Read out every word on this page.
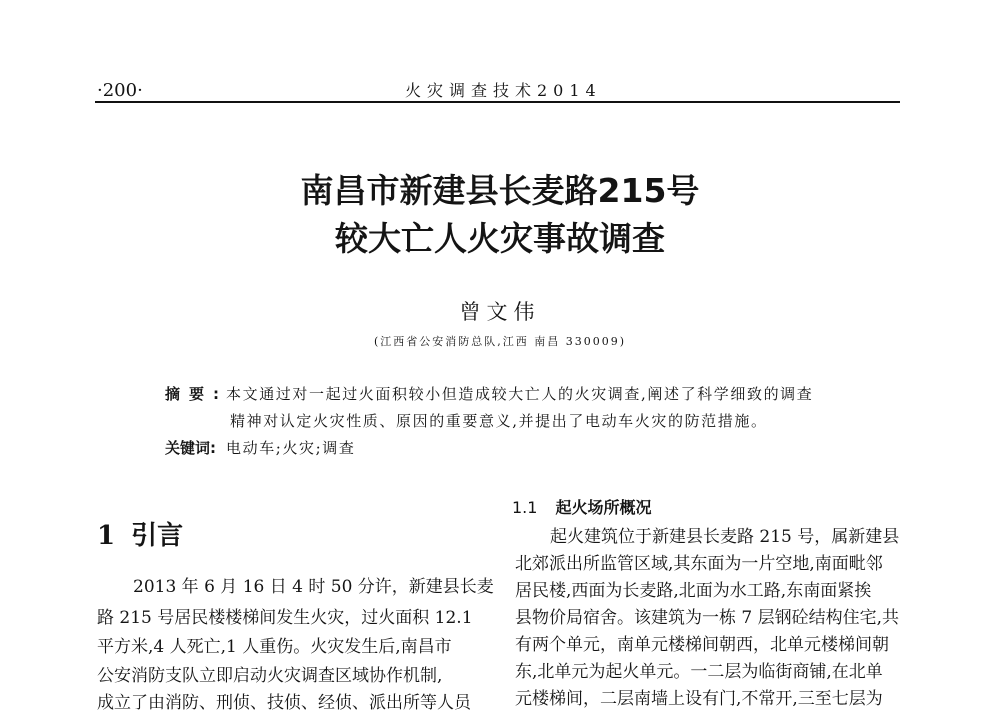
·200·	火灾调查技术2014
南昌市新建县长麦路215号
较大亡人火灾事故调查
曾文伟
(江西省公安消防总队,江西 南昌 330009)
摘要:
本文通过对一起过火面积较小但造成较大亡人的火灾调查,阐述了科学细致的调查
精神对认定火灾性质、原因的重要意义,并提出了电动车火灾的防范措施。
关键词: 电动车;火灾;调查
1 引言
2013 年 6 月 16 日 4 时 50 分许，新建县长麦
路 215 号居民楼楼梯间发生火灾，过火面积 12.1
平方米,4 人死亡,1 人重伤。火灾发生后,南昌市
公安消防支队立即启动火灾调查区域协作机制,
成立了由消防、刑侦、技侦、经侦、派出所等人员
1.1 起火场所概况
起火建筑位于新建县长麦路 215 号，属新建县
北郊派出所监管区域,其东面为一片空地,南面毗邻
居民楼,西面为长麦路,北面为水工路,东南面紧挨
县物价局宿舍。该建筑为一栋 7 层钢砼结构住宅,共
有两个单元，南单元楼梯间朝西，北单元楼梯间朝
东,北单元为起火单元。一二层为临街商铺,在北单
元楼梯间，二层南墙上设有门,不常开,三至七层为
